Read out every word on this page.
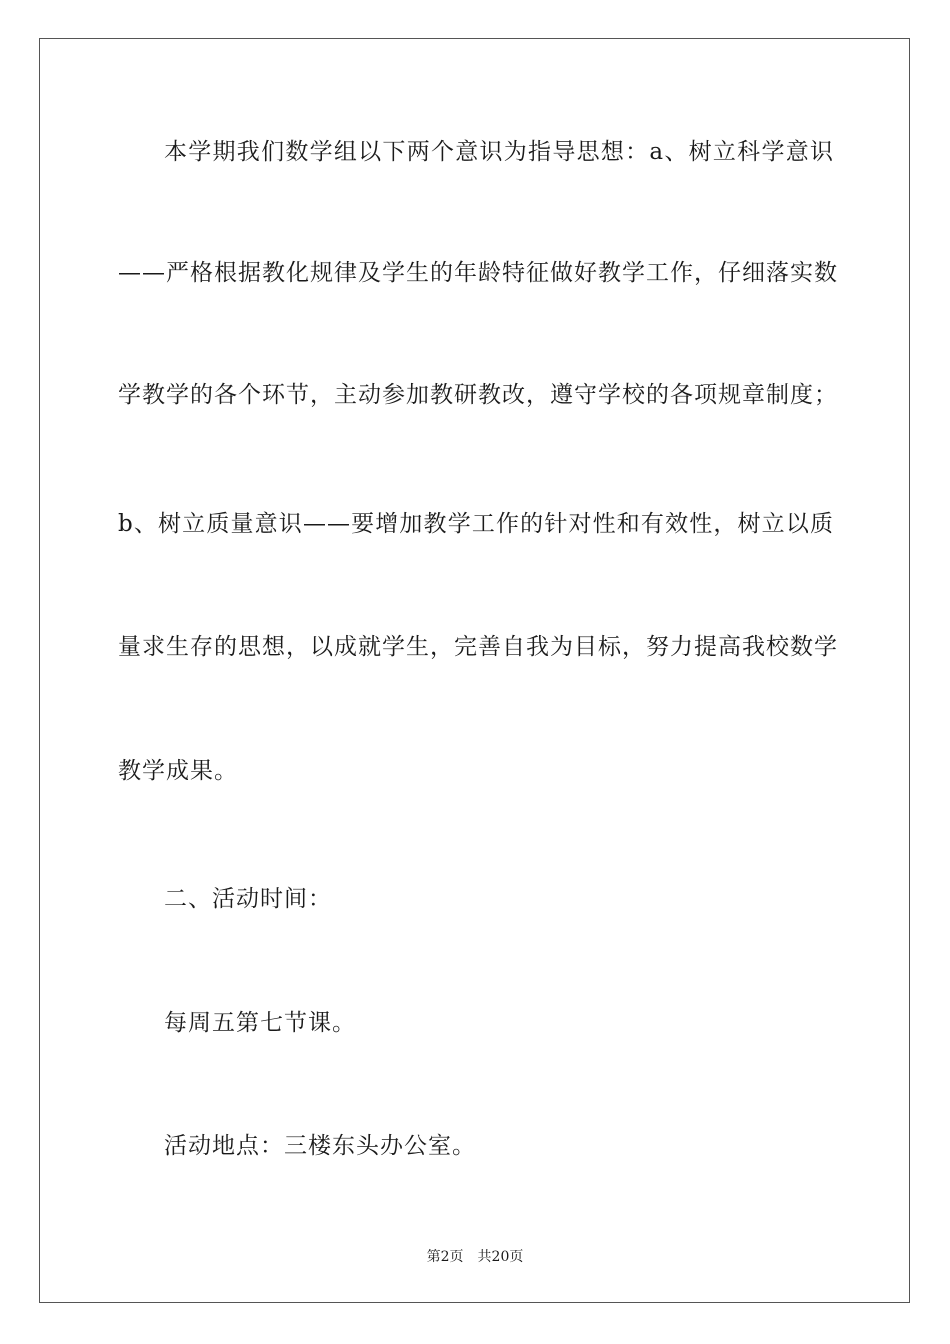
本学期我们数学组以下两个意识为指导思想：a、树立科学意识
——严格根据教化规律及学生的年龄特征做好教学工作，仔细落实数
学教学的各个环节，主动参加教研教改，遵守学校的各项规章制度；
b、树立质量意识——要增加教学工作的针对性和有效性，树立以质
量求生存的思想，以成就学生，完善自我为目标，努力提高我校数学
教学成果。
二、活动时间：
每周五第七节课。
活动地点：三楼东头办公室。
第2页 共20页
